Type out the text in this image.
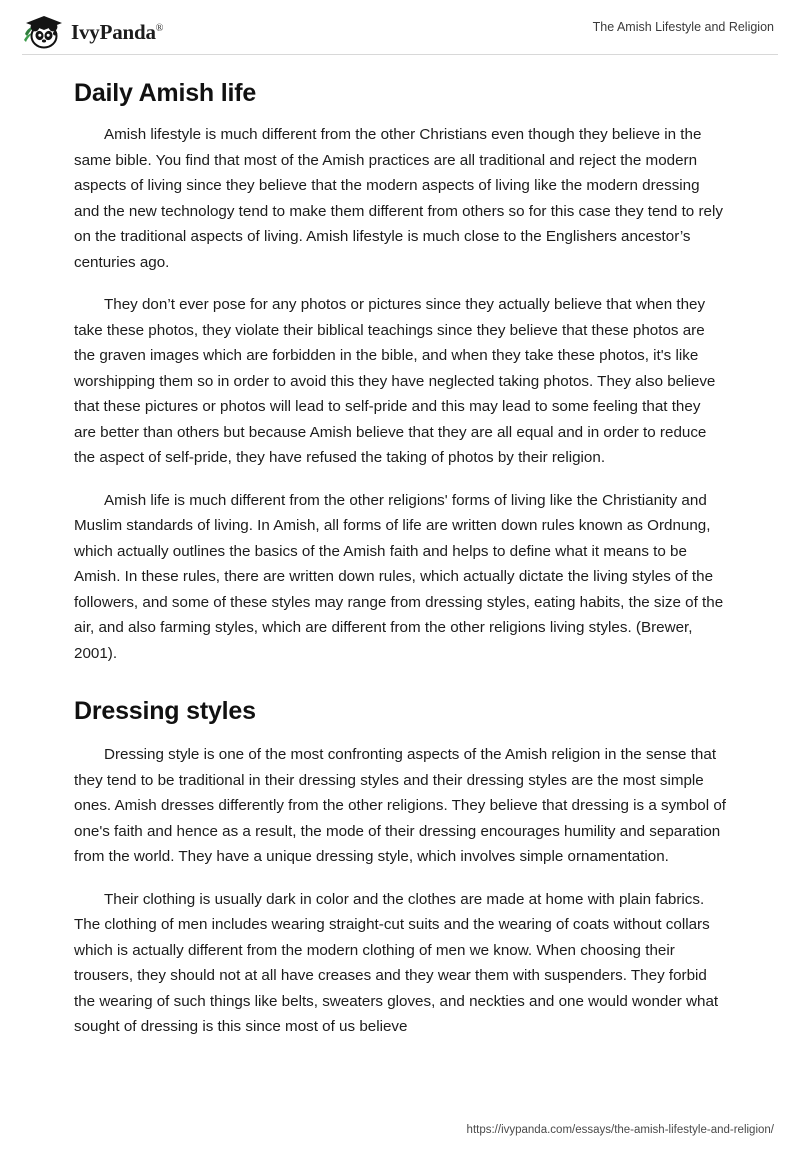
IvyPanda®	The Amish Lifestyle and Religion
Daily Amish life

Amish lifestyle is much different from the other Christians even though they believe in the same bible. You find that most of the Amish practices are all traditional and reject the modern aspects of living since they believe that the modern aspects of living like the modern dressing and the new technology tend to make them different from others so for this case they tend to rely on the traditional aspects of living. Amish lifestyle is much close to the Englishers ancestor’s centuries ago.

They don’t ever pose for any photos or pictures since they actually believe that when they take these photos, they violate their biblical teachings since they believe that these photos are the graven images which are forbidden in the bible, and when they take these photos, it's like worshipping them so in order to avoid this they have neglected taking photos. They also believe that these pictures or photos will lead to self-pride and this may lead to some feeling that they are better than others but because Amish believe that they are all equal and in order to reduce the aspect of self-pride, they have refused the taking of photos by their religion.

Amish life is much different from the other religions' forms of living like the Christianity and Muslim standards of living. In Amish, all forms of life are written down rules known as Ordnung, which actually outlines the basics of the Amish faith and helps to define what it means to be Amish. In these rules, there are written down rules, which actually dictate the living styles of the followers, and some of these styles may range from dressing styles, eating habits, the size of the air, and also farming styles, which are different from the other religions living styles. (Brewer, 2001).

Dressing styles

Dressing style is one of the most confronting aspects of the Amish religion in the sense that they tend to be traditional in their dressing styles and their dressing styles are the most simple ones. Amish dresses differently from the other religions. They believe that dressing is a symbol of one's faith and hence as a result, the mode of their dressing encourages humility and separation from the world. They have a unique dressing style, which involves simple ornamentation.

Their clothing is usually dark in color and the clothes are made at home with plain fabrics. The clothing of men includes wearing straight-cut suits and the wearing of coats without collars which is actually different from the modern clothing of men we know. When choosing their trousers, they should not at all have creases and they wear them with suspenders. They forbid the wearing of such things like belts, sweaters gloves, and neckties and one would wonder what sought of dressing is this since most of us believe

https://ivypanda.com/essays/the-amish-lifestyle-and-religion/
